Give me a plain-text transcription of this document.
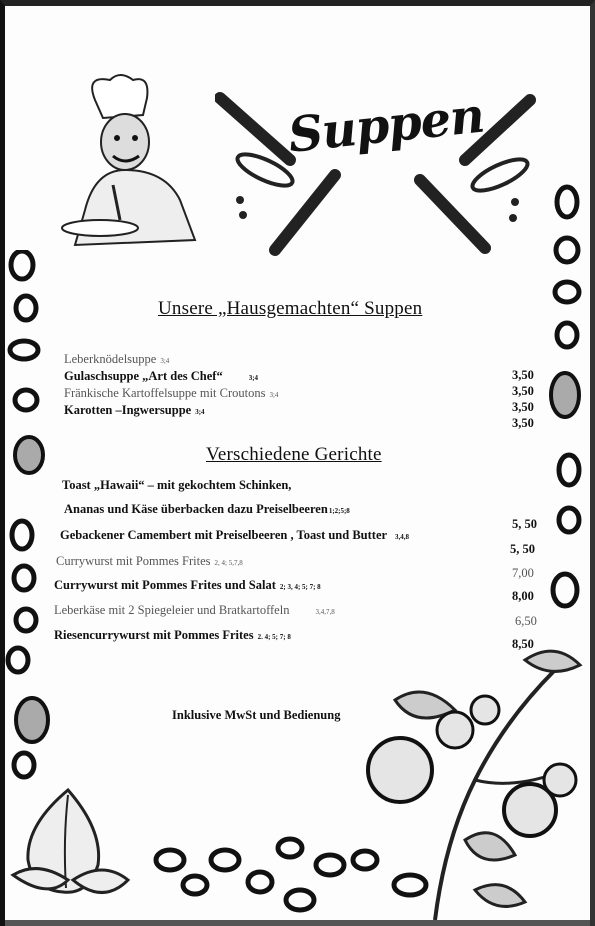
Suppen
Unsere „Hausgemachten“ Suppen
Leberknödelsuppe 3;4
Gulaschsuppe „Art des Chef“	3;4
Fränkische Kartoffelsuppe mit Croutons 3;4
Karotten –Ingwersuppe 3;4
3,50
3,50
3,50
3,50
Verschiedene Gerichte
Toast „Hawaii“ – mit gekochtem Schinken,
Ananas und Käse überbacken dazu Preiselbeeren1;2;5;8
Gebackener Camembert mit Preiselbeeren , Toast und Butter 3,4,8
Currywurst mit Pommes Frites 2, 4; 5,7,8
Currywurst mit Pommes Frites und Salat 2; 3, 4; 5; 7; 8
Leberkäse mit 2 Spiegeleier und Bratkartoffeln	3,4,7,8
Riesencurrywurst mit Pommes Frites 2. 4; 5; 7; 8
5, 50
5, 50
7,00
8,00
6,50
8,50
Inklusive MwSt und Bedienung
